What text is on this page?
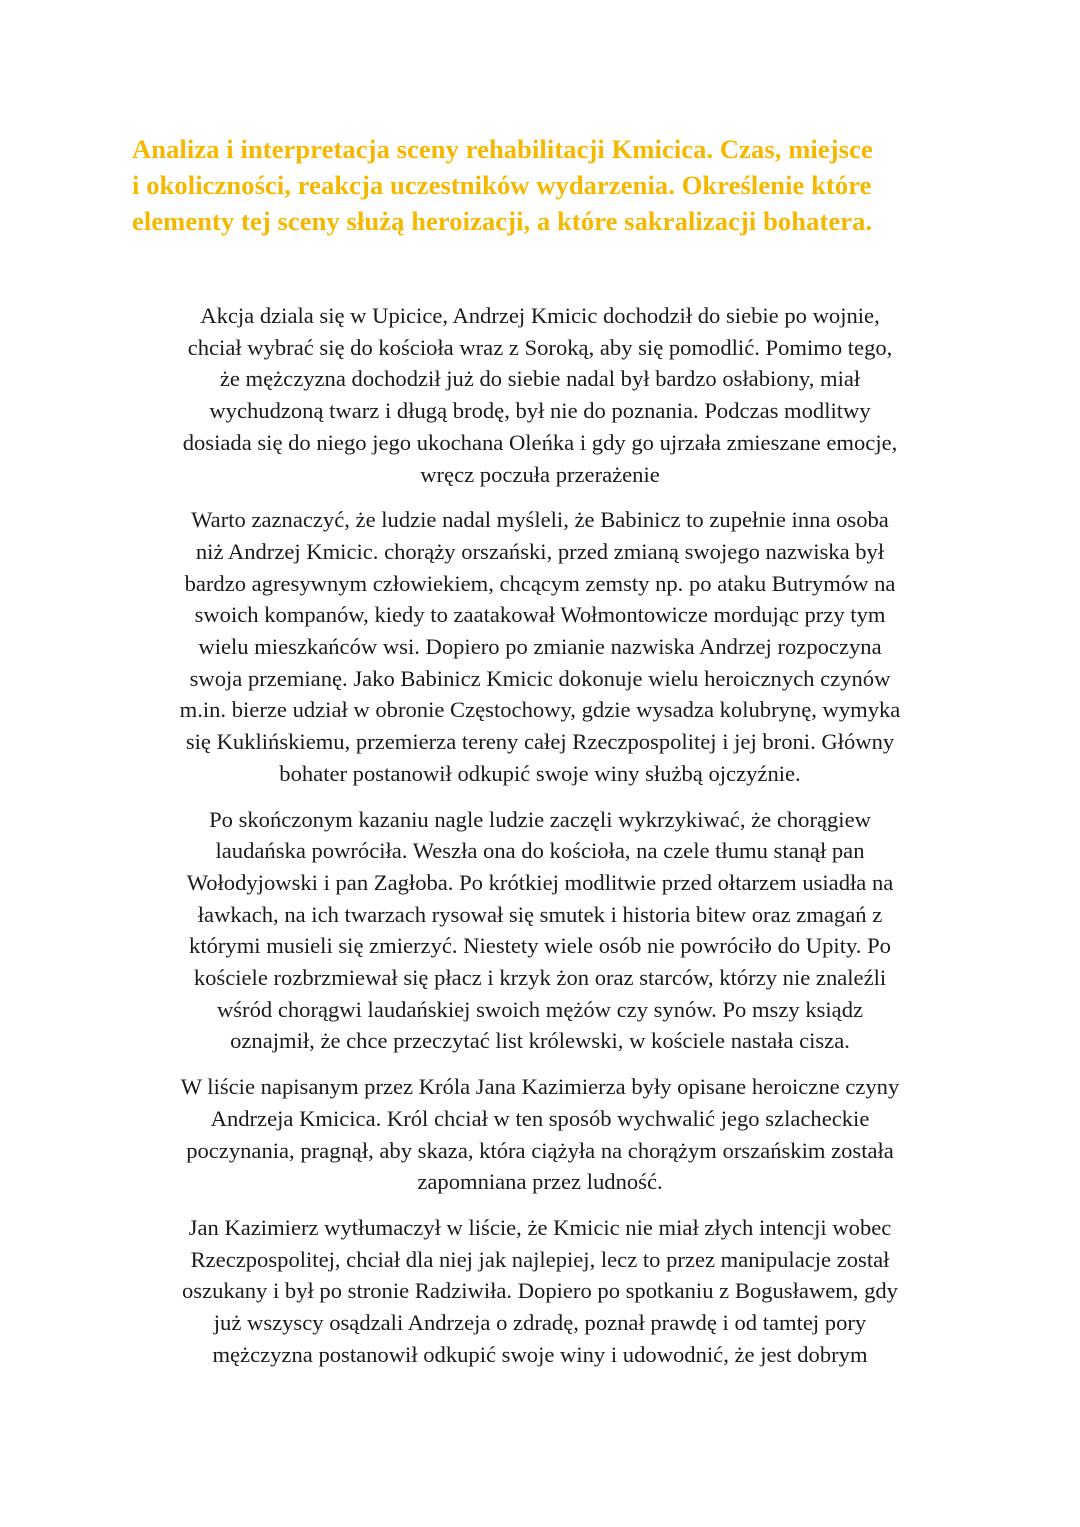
Analiza i interpretacja sceny rehabilitacji Kmicica. Czas, miejsce
i okoliczności, reakcja uczestników wydarzenia. Określenie które
elementy tej sceny służą heroizacji, a które sakralizacji bohatera.
Akcja dziala się w Upicice, Andrzej Kmicic dochodził do siebie po wojnie,
chciał wybrać się do kościoła wraz z Soroką, aby się pomodlić. Pomimo tego,
że mężczyzna dochodził już do siebie nadal był bardzo osłabiony, miał
wychudzoną twarz i długą brodę, był nie do poznania. Podczas modlitwy
dosiada się do niego jego ukochana Oleńka i gdy go ujrzała zmieszane emocje,
wręcz poczuła przerażenie
Warto zaznaczyć, że ludzie nadal myśleli, że Babinicz to zupełnie inna osoba
niż Andrzej Kmicic. chorąży orszański, przed zmianą swojego nazwiska był
bardzo agresywnym człowiekiem, chcącym zemsty np. po ataku Butrymów na
swoich kompanów, kiedy to zaatakował Wołmontowicze mordując przy tym
wielu mieszkańców wsi. Dopiero po zmianie nazwiska Andrzej rozpoczyna
swoja przemianę. Jako Babinicz Kmicic dokonuje wielu heroicznych czynów
m.in. bierze udział w obronie Częstochowy, gdzie wysadza kolubrynę, wymyka
się Kuklińskiemu, przemierza tereny całej Rzeczpospolitej i jej broni. Główny
bohater postanowił odkupić swoje winy służbą ojczyźnie.
Po skończonym kazaniu nagle ludzie zaczęli wykrzykiwać, że chorągiew
laudańska powróciła. Weszła ona do kościoła, na czele tłumu stanął pan
Wołodyjowski i pan Zagłoba. Po krótkiej modlitwie przed ołtarzem usiadła na
ławkach, na ich twarzach rysował się smutek i historia bitew oraz zmagań z
którymi musieli się zmierzyć. Niestety wiele osób nie powróciło do Upity. Po
kościele rozbrzmiewał się płacz i krzyk żon oraz starców, którzy nie znaleźli
wśród chorągwi laudańskiej swoich mężów czy synów. Po mszy ksiądz
oznajmił, że chce przeczytać list królewski, w kościele nastała cisza.
W liście napisanym przez Króla Jana Kazimierza były opisane heroiczne czyny
Andrzeja Kmicica. Król chciał w ten sposób wychwalić jego szlacheckie
poczynania, pragnął, aby skaza, która ciążyła na chorążym orszańskim została
zapomniana przez ludność.
Jan Kazimierz wytłumaczył w liście, że Kmicic nie miał złych intencji wobec
Rzeczpospolitej, chciał dla niej jak najlepiej, lecz to przez manipulacje został
oszukany i był po stronie Radziwiła. Dopiero po spotkaniu z Bogusławem, gdy
już wszyscy osądzali Andrzeja o zdradę, poznał prawdę i od tamtej pory
mężczyzna postanowił odkupić swoje winy i udowodnić, że jest dobrym
